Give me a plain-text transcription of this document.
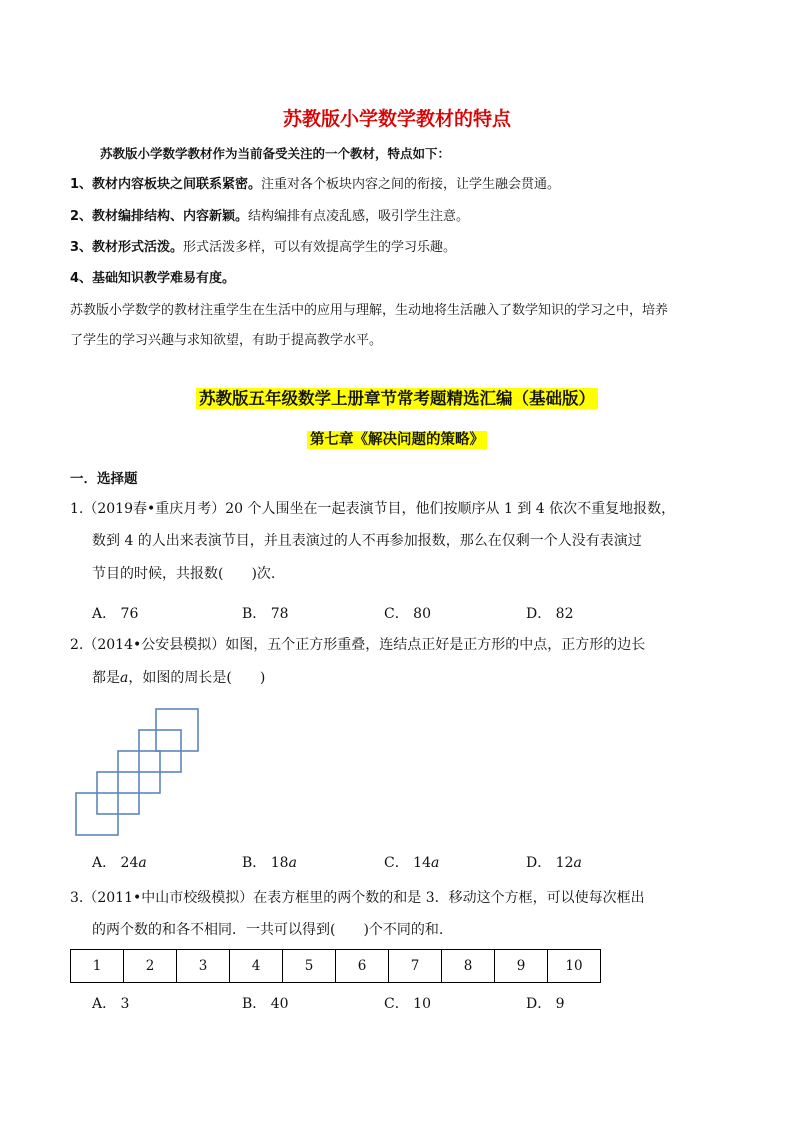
苏教版小学数学教材的特点
苏教版小学数学教材作为当前备受关注的一个教材，特点如下：
1、教材内容板块之间联系紧密。注重对各个板块内容之间的衔接，让学生融会贯通。
2、教材编排结构、内容新颖。结构编排有点凌乱感，吸引学生注意。
3、教材形式活泼。形式活泼多样，可以有效提高学生的学习乐趣。
4、基础知识教学难易有度。
苏教版小学数学的教材注重学生在生活中的应用与理解，生动地将生活融入了数学知识的学习之中，培养
了学生的学习兴趣与求知欲望，有助于提高教学水平。
苏教版五年级数学上册章节常考题精选汇编（基础版）
第七章《解决问题的策略》
一．选择题
1.（2019春•重庆月考）20 个人围坐在一起表演节目，他们按顺序从 1 到 4 依次不重复地报数，
数到 4 的人出来表演节目，并且表演过的人不再参加报数，那么在仅剩一个人没有表演过
节目的时候，共报数(　　)次.
A． 76	B． 78	C． 80	D． 82
2.（2014•公安县模拟）如图，五个正方形重叠，连结点正好是正方形的中点，正方形的边长
都是a，如图的周长是(　　)
A． 24a	B． 18a	C． 14a	D． 12a
3.（2011•中山市校级模拟）在表方框里的两个数的和是 3．移动这个方框，可以使每次框出
的两个数的和各不相同．一共可以得到(　　)个不同的和.
1	2	3	4	5	6	7	8	9	10
A． 3	B． 40	C． 10	D． 9
